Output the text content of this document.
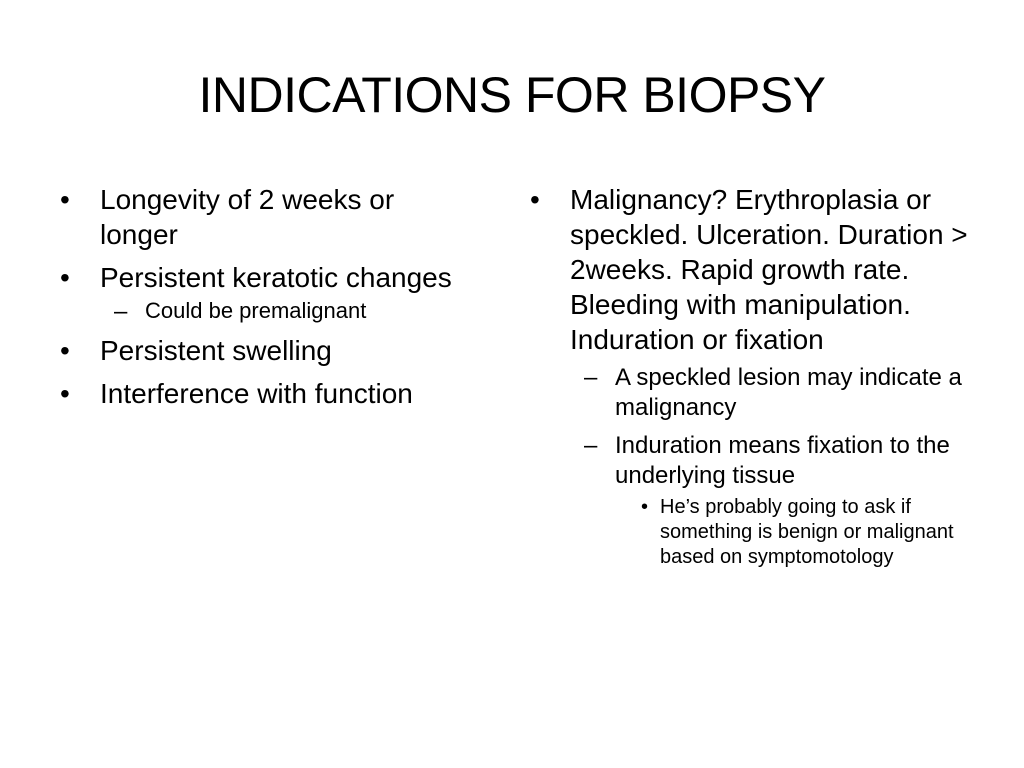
INDICATIONS FOR BIOPSY
• Longevity of 2 weeks or longer
• Persistent keratotic changes
– Could be premalignant
• Persistent swelling
• Interference with function
• Malignancy? Erythroplasia or speckled. Ulceration. Duration > 2weeks. Rapid growth rate. Bleeding with manipulation. Induration or fixation
– A speckled lesion may indicate a malignancy
– Induration means fixation to the underlying tissue
• He’s probably going to ask if something is benign or malignant based on symptomotology
